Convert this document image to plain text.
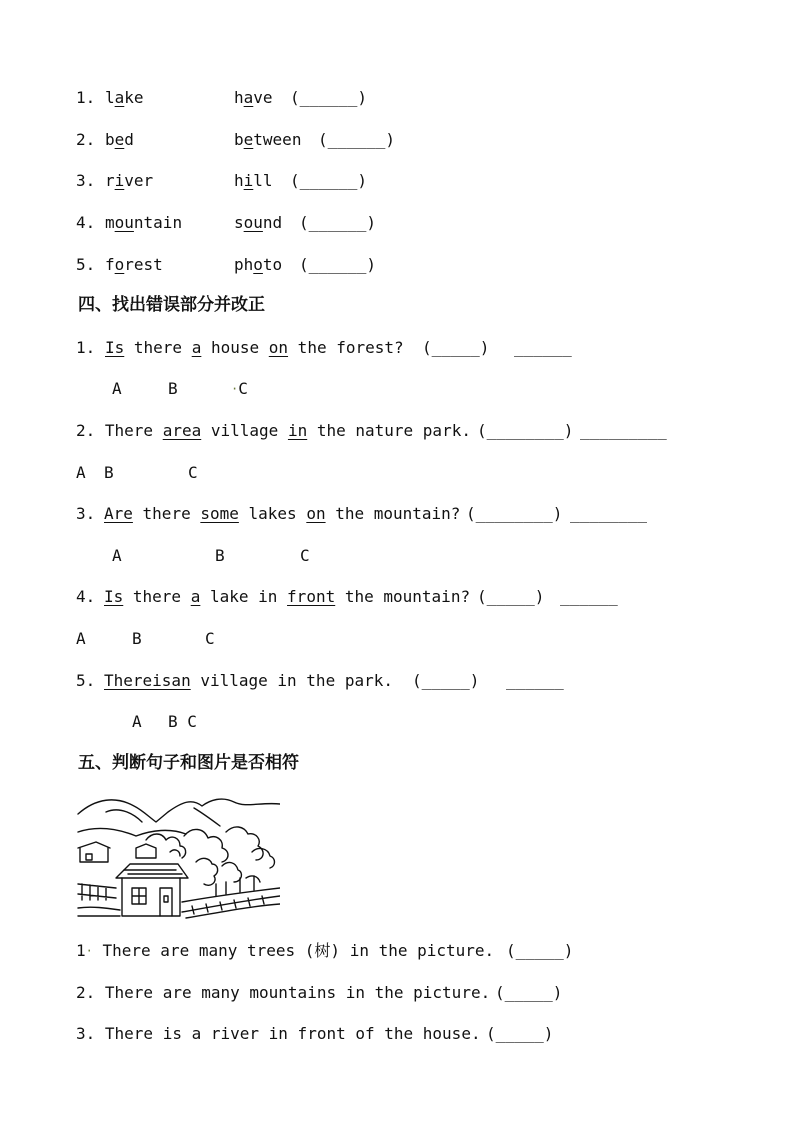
1.

lake

	have

(______)

2.

bed

	between

(______)

3.

river

	hill

(______)

4.

mountain

	sound

(______)

5.

forest

	photo

(______)

四、找出错误部分并改正

1.

Is there a house on the forest?

(_____)

______

A

	B

	·C

2. There area village in the nature park.

(________)

_________

A

B

	C

3.

Are there some lakes on the mountain?

(________)

________

A

	B

	C

4.

Is there a lake in front the mountain?

(_____)

______

A

	B

	C

5.

Thereisan village in the park.

(_____)

______

A

B C

五、判断句子和图片是否相符

1· There are many trees (树) in the picture.

(_____)

2. There are many mountains in the picture.

(_____)

3. There is a river in front of the house.

(_____)
